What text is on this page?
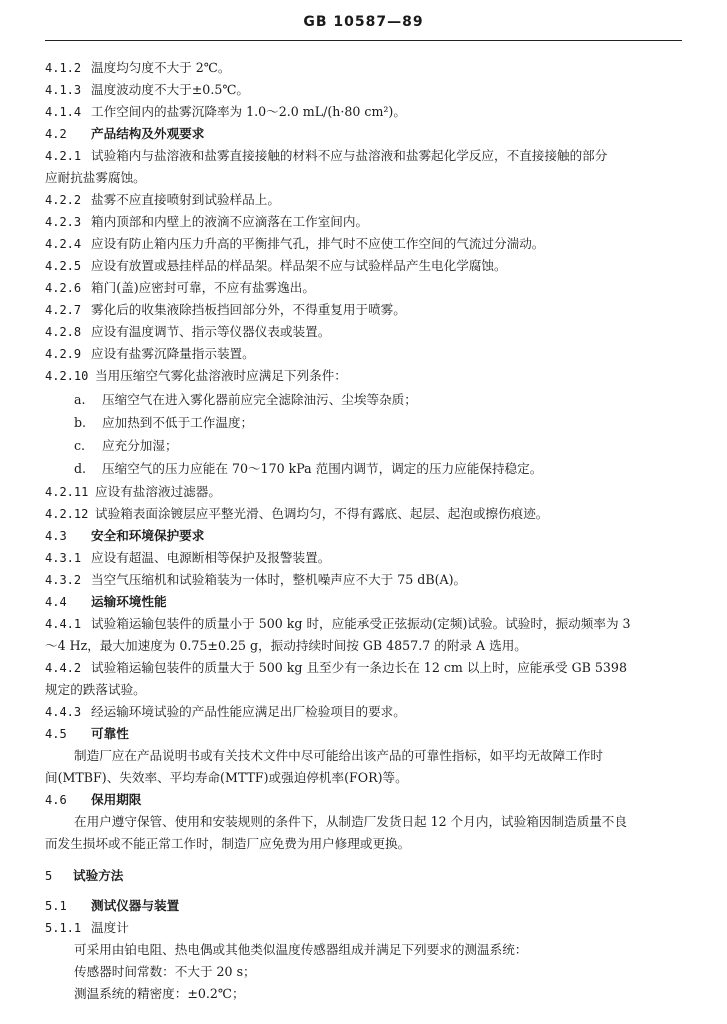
GB 10587—89
4.1.2 温度均匀度不大于 2℃。
4.1.3 温度波动度不大于±0.5℃。
4.1.4 工作空间内的盐雾沉降率为 1.0～2.0 mL/(h·80 cm²)。
4.2 产品结构及外观要求
4.2.1 试验箱内与盐溶液和盐雾直接接触的材料不应与盐溶液和盐雾起化学反应，不直接接触的部分
应耐抗盐雾腐蚀。
4.2.2 盐雾不应直接喷射到试验样品上。
4.2.3 箱内顶部和内壁上的液滴不应滴落在工作室间内。
4.2.4 应设有防止箱内压力升高的平衡排气孔，排气时不应使工作空间的气流过分湍动。
4.2.5 应设有放置或悬挂样品的样品架。样品架不应与试验样品产生电化学腐蚀。
4.2.6 箱门(盖)应密封可靠，不应有盐雾逸出。
4.2.7 雾化后的收集液除挡板挡回部分外，不得重复用于喷雾。
4.2.8 应设有温度调节、指示等仪器仪表或装置。
4.2.9 应设有盐雾沉降量指示装置。
4.2.10 当用压缩空气雾化盐溶液时应满足下列条件：
a. 压缩空气在进入雾化器前应完全滤除油污、尘埃等杂质；
b. 应加热到不低于工作温度；
c. 应充分加湿；
d. 压缩空气的压力应能在 70～170 kPa 范围内调节，调定的压力应能保持稳定。
4.2.11 应设有盐溶液过滤器。
4.2.12 试验箱表面涂镀层应平整光滑、色调均匀，不得有露底、起层、起泡或擦伤痕迹。
4.3 安全和环境保护要求
4.3.1 应设有超温、电源断相等保护及报警装置。
4.3.2 当空气压缩机和试验箱装为一体时，整机噪声应不大于 75 dB(A)。
4.4 运输环境性能
4.4.1 试验箱运输包装件的质量小于 500 kg 时，应能承受正弦振动(定频)试验。试验时，振动频率为 3
～4 Hz，最大加速度为 0.75±0.25 g，振动持续时间按 GB 4857.7 的附录 A 选用。
4.4.2 试验箱运输包装件的质量大于 500 kg 且至少有一条边长在 12 cm 以上时，应能承受 GB 5398
规定的跌落试验。
4.4.3 经运输环境试验的产品性能应满足出厂检验项目的要求。
4.5 可靠性
制造厂应在产品说明书或有关技术文件中尽可能给出该产品的可靠性指标，如平均无故障工作时
间(MTBF)、失效率、平均寿命(MTTF)或强迫停机率(FOR)等。
4.6 保用期限
在用户遵守保管、使用和安装规则的条件下，从制造厂发货日起 12 个月内，试验箱因制造质量不良
而发生损坏或不能正常工作时，制造厂应免费为用户修理或更换。
5 试验方法
5.1 测试仪器与装置
5.1.1 温度计
可采用由铂电阻、热电偶或其他类似温度传感器组成并满足下列要求的测温系统：
传感器时间常数：不大于 20 s；
测温系统的精密度：±0.2℃；
